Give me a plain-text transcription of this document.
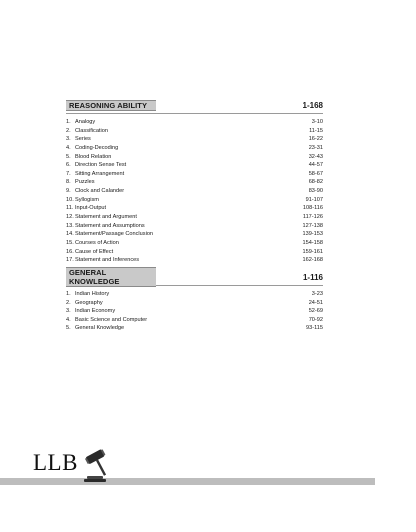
REASONING ABILITY	1-168
1. Analogy	3-10
2. Classification	11-15
3. Series	16-22
4. Coding-Decoding	23-31
5. Blood Relation	32-43
6. Direction Sense Test	44-57
7. Sitting Arrangement	58-67
8. Puzzles	68-82
9. Clock and Calander	83-90
10. Syllogism	91-107
11. Input-Output	108-116
12. Statement and Argument	117-126
13. Statement and Assumptions	127-138
14. Statement/Passage Conclusion	139-153
15. Courses of Action	154-158
16. Cause of Effect	159-161
17. Statement and Inferences	162-168
GENERAL KNOWLEDGE	1-116
1. Indian History	3-23
2. Geography	24-51
3. Indian Economy	52-69
4. Basic Science and Computer	70-92
5. General Knowledge	93-115
LLB
